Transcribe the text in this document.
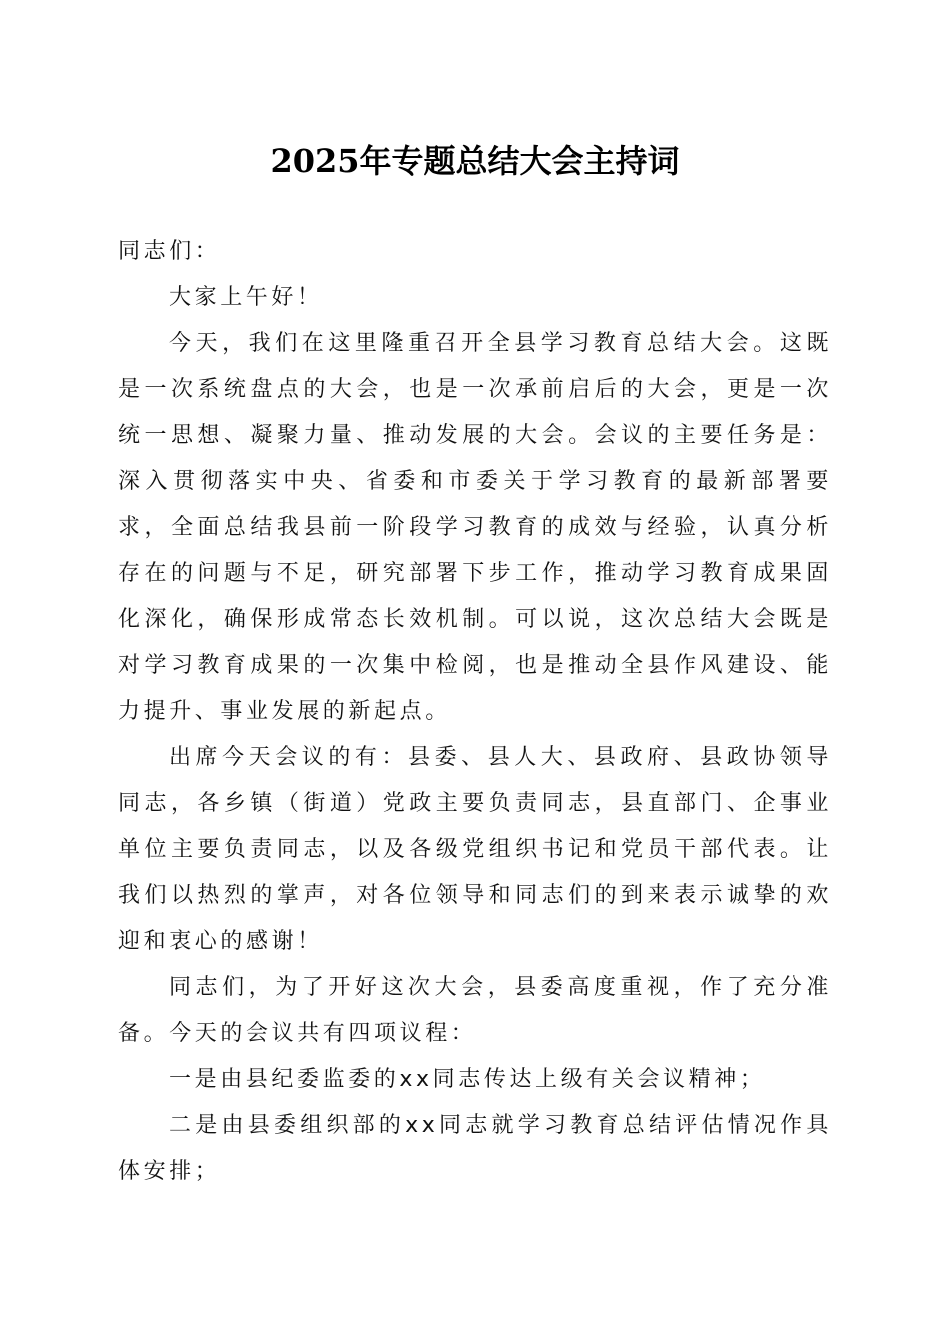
2025年专题总结大会主持词

同志们：

大家上午好！

今天，我们在这里隆重召开全县学习教育总结大会。这既是一次系统盘点的大会，也是一次承前启后的大会，更是一次统一思想、凝聚力量、推动发展的大会。会议的主要任务是：深入贯彻落实中央、省委和市委关于学习教育的最新部署要求，全面总结我县前一阶段学习教育的成效与经验，认真分析存在的问题与不足，研究部署下步工作，推动学习教育成果固化深化，确保形成常态长效机制。可以说，这次总结大会既是对学习教育成果的一次集中检阅，也是推动全县作风建设、能力提升、事业发展的新起点。

出席今天会议的有：县委、县人大、县政府、县政协领导同志，各乡镇（街道）党政主要负责同志，县直部门、企事业单位主要负责同志，以及各级党组织书记和党员干部代表。让我们以热烈的掌声，对各位领导和同志们的到来表示诚挚的欢迎和衷心的感谢！

同志们，为了开好这次大会，县委高度重视，作了充分准备。今天的会议共有四项议程：

一是由县纪委监委的xx同志传达上级有关会议精神；

二是由县委组织部的xx同志就学习教育总结评估情况作具体安排；
